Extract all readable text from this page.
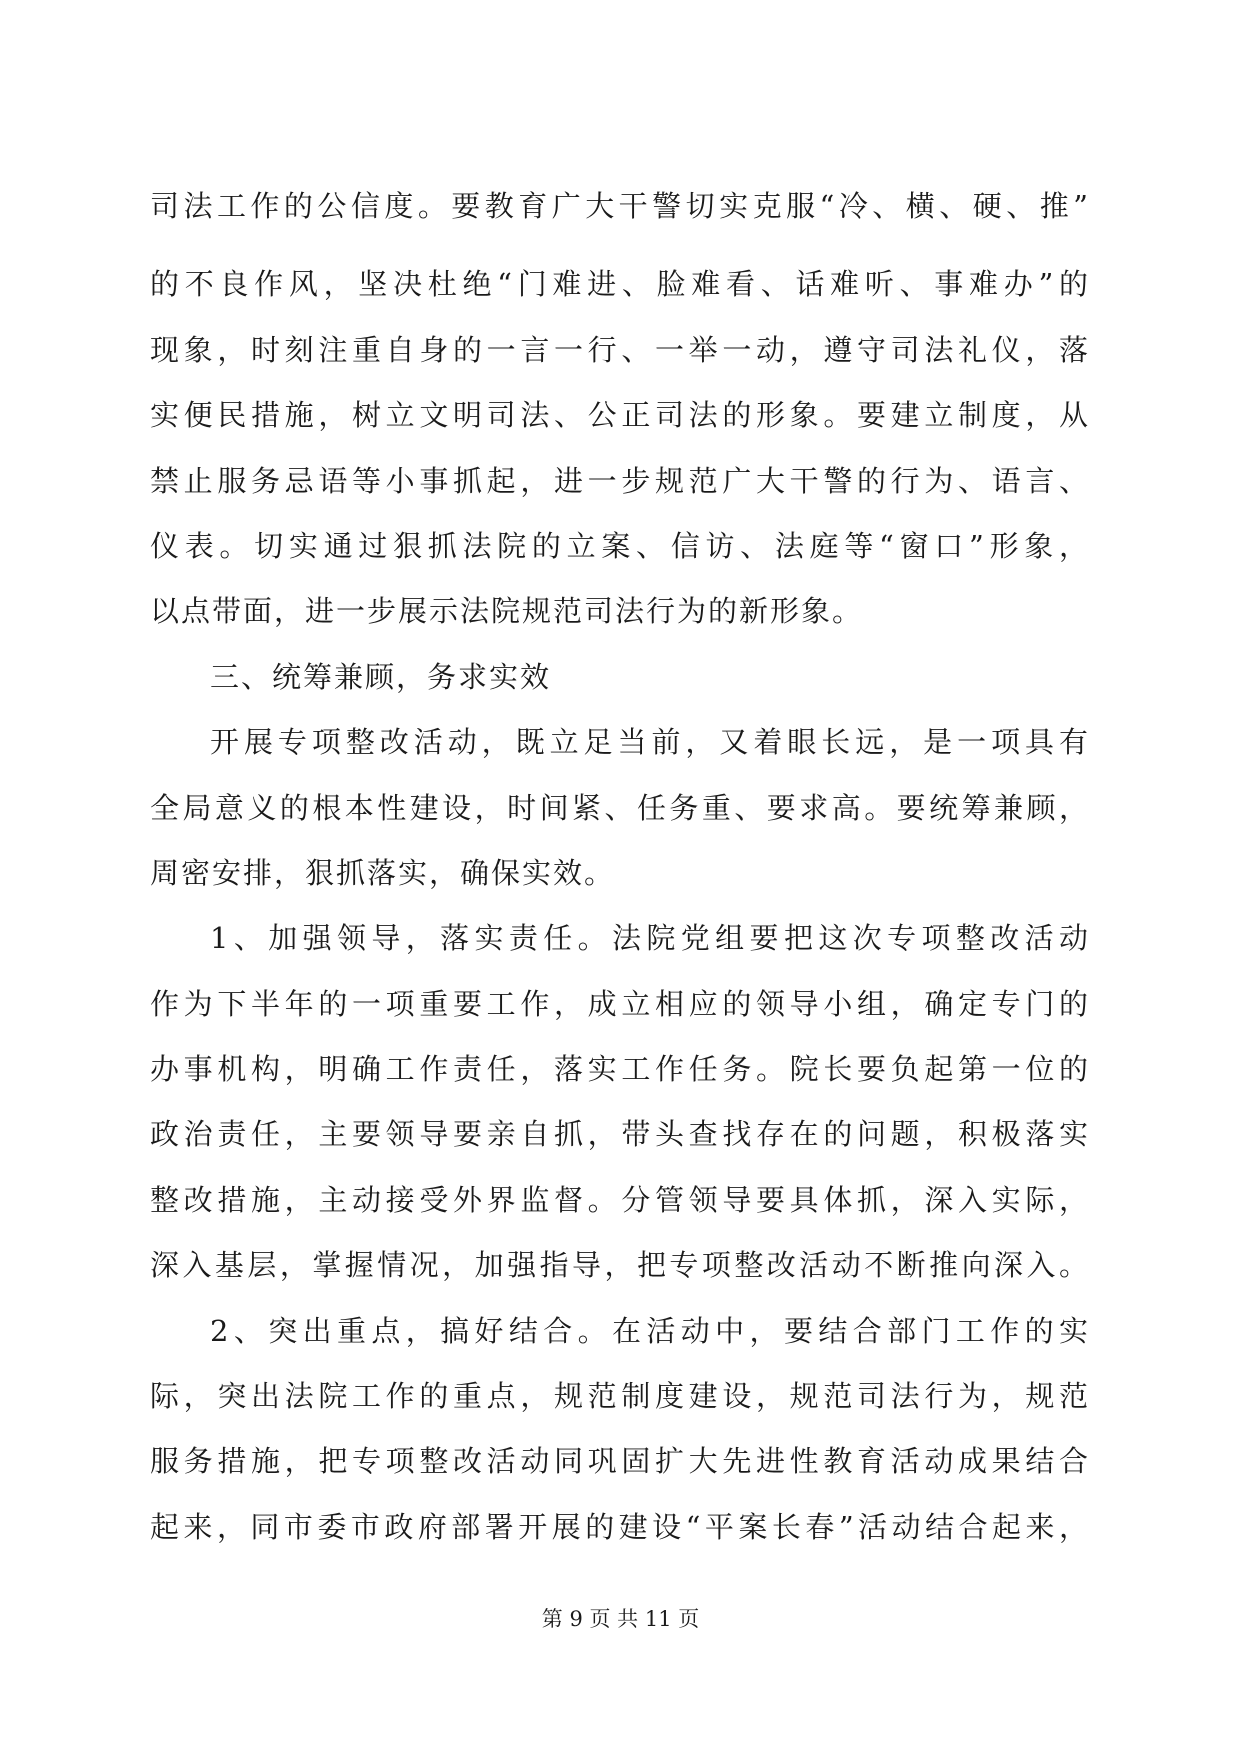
司法工作的公信度。要教育广大干警切实克服“冷、横、硬、推”
的不良作风，坚决杜绝“门难进、脸难看、话难听、事难办”的
现象，时刻注重自身的一言一行、一举一动，遵守司法礼仪，落
实便民措施，树立文明司法、公正司法的形象。要建立制度，从
禁止服务忌语等小事抓起，进一步规范广大干警的行为、语言、
仪表。切实通过狠抓法院的立案、信访、法庭等“窗口”形象，
以点带面，进一步展示法院规范司法行为的新形象。
三、统筹兼顾，务求实效
开展专项整改活动，既立足当前，又着眼长远，是一项具有
全局意义的根本性建设，时间紧、任务重、要求高。要统筹兼顾，
周密安排，狠抓落实，确保实效。
1、加强领导，落实责任。法院党组要把这次专项整改活动
作为下半年的一项重要工作，成立相应的领导小组，确定专门的
办事机构，明确工作责任，落实工作任务。院长要负起第一位的
政治责任，主要领导要亲自抓，带头查找存在的问题，积极落实
整改措施，主动接受外界监督。分管领导要具体抓，深入实际，
深入基层，掌握情况，加强指导，把专项整改活动不断推向深入。
2、突出重点，搞好结合。在活动中，要结合部门工作的实
际，突出法院工作的重点，规范制度建设，规范司法行为，规范
服务措施，把专项整改活动同巩固扩大先进性教育活动成果结合
起来，同市委市政府部署开展的建设“平案长春”活动结合起来，
第 9 页 共 11 页
